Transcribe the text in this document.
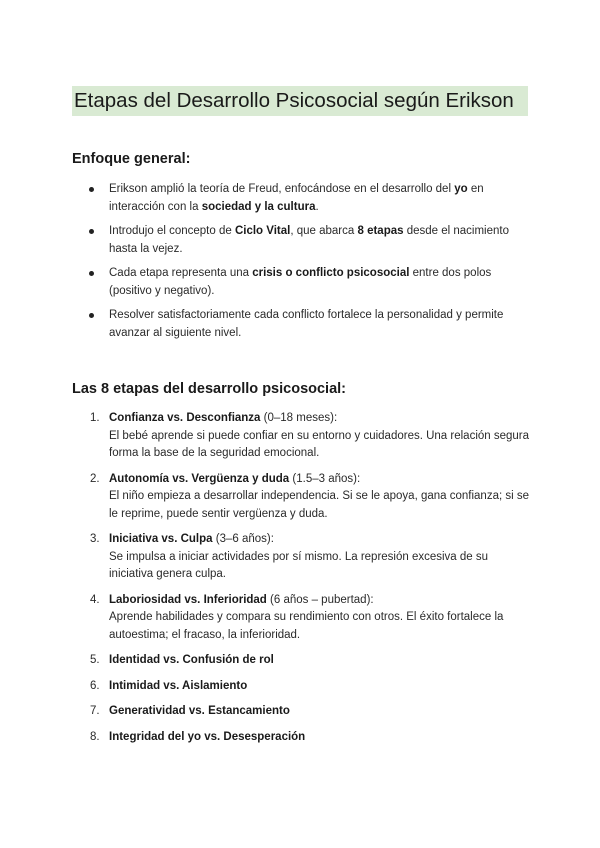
Etapas del Desarrollo Psicosocial según Erikson
Enfoque general:
Erikson amplió la teoría de Freud, enfocándose en el desarrollo del yo en interacción con la sociedad y la cultura.
Introdujo el concepto de Ciclo Vital, que abarca 8 etapas desde el nacimiento hasta la vejez.
Cada etapa representa una crisis o conflicto psicosocial entre dos polos (positivo y negativo).
Resolver satisfactoriamente cada conflicto fortalece la personalidad y permite avanzar al siguiente nivel.
Las 8 etapas del desarrollo psicosocial:
1. Confianza vs. Desconfianza (0–18 meses):
El bebé aprende si puede confiar en su entorno y cuidadores. Una relación segura forma la base de la seguridad emocional.
2. Autonomía vs. Vergüenza y duda (1.5–3 años):
El niño empieza a desarrollar independencia. Si se le apoya, gana confianza; si se le reprime, puede sentir vergüenza y duda.
3. Iniciativa vs. Culpa (3–6 años):
Se impulsa a iniciar actividades por sí mismo. La represión excesiva de su iniciativa genera culpa.
4. Laboriosidad vs. Inferioridad (6 años – pubertad):
Aprende habilidades y compara su rendimiento con otros. El éxito fortalece la autoestima; el fracaso, la inferioridad.
5. Identidad vs. Confusión de rol
6. Intimidad vs. Aislamiento
7. Generatividad vs. Estancamiento
8. Integridad del yo vs. Desesperación
